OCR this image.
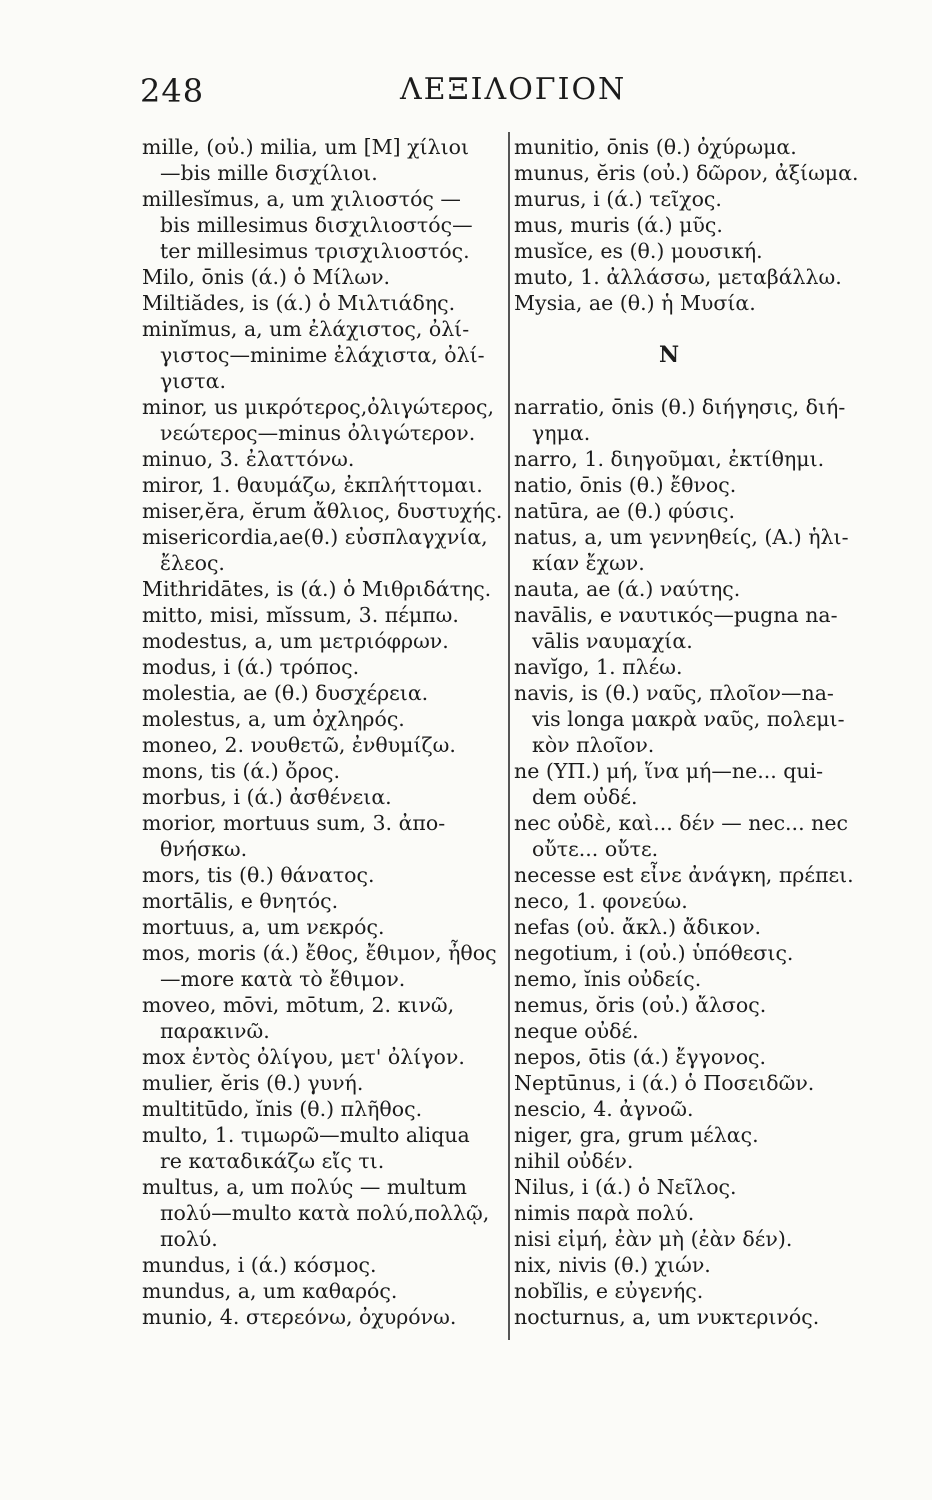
248	ΛΕΞΙΛΟΓΙΟΝ
mille, (οὐ.) milia, um [M] χίλιοι
—bis mille δισχίλιοι.
millesĭmus, a, um χιλιοστός —
bis millesimus δισχιλιοστός—
ter millesimus τρισχιλιοστός.
Milo, ōnis (ά.) ὁ Μίλων.
Miltiădes, is (ά.) ὁ Μιλτιάδης.
minĭmus, a, um ἐλάχιστος, ὀλί-
γιστος—minime ἐλάχιστα, ὀλί-
γιστα.
minor, us μικρότερος,ὀλιγώτερος,
νεώτερος—minus ὀλιγώτερον.
minuo, 3. ἐλαττόνω.
miror, 1. θαυμάζω, ἐκπλήττομαι.
miser,ĕra, ĕrum ἄθλιος, δυστυχής.
misericordia,ae(θ.) εὐσπλαγχνία,
ἔλεος.
Mithridātes, is (ά.) ὁ Μιθριδάτης.
mitto, misi, mĭssum, 3. πέμπω.
modestus, a, um μετριόφρων.
modus, i (ά.) τρόπος.
molestia, ae (θ.) δυσχέρεια.
molestus, a, um ὀχληρός.
moneo, 2. νουθετῶ, ἐνθυμίζω.
mons, tis (ά.) ὄρος.
morbus, i (ά.) ἀσθένεια.
morior, mortuus sum, 3. ἀπο-
θνήσκω.
mors, tis (θ.) θάνατος.
mortālis, e θνητός.
mortuus, a, um νεκρός.
mos, moris (ά.) ἔθος, ἔθιμον, ἦθος
—more κατὰ τὸ ἔθιμον.
moveo, mōvi, mōtum, 2. κινῶ,
παρακινῶ.
mox ἐντὸς ὀλίγου, μετ' ὀλίγον.
mulier, ĕris (θ.) γυνή.
multitūdo, ĭnis (θ.) πλῆθος.
multo, 1. τιμωρῶ—multo aliqua
re καταδικάζω εἴς τι.
multus, a, um πολύς — multum
πολύ—multo κατὰ πολύ,πολλῷ,
πολύ.
mundus, i (ά.) κόσμος.
mundus, a, um καθαρός.
munio, 4. στερεόνω, ὀχυρόνω.
munitio, ōnis (θ.) ὀχύρωμα.
munus, ĕris (οὐ.) δῶρον, ἀξίωμα.
murus, i (ά.) τεῖχος.
mus, muris (ά.) μῦς.
musĭce, es (θ.) μουσική.
muto, 1. ἀλλάσσω, μεταβάλλω.
Mysia, ae (θ.) ἡ Μυσία.
N
narratio, ōnis (θ.) διήγησις, διή-
γημα.
narro, 1. διηγοῦμαι, ἐκτίθημι.
natio, ōnis (θ.) ἔθνος.
natūra, ae (θ.) φύσις.
natus, a, um γεννηθείς, (Α.) ἡλι-
κίαν ἔχων.
nauta, ae (ά.) ναύτης.
navālis, e ναυτικός—pugna na-
vālis ναυμαχία.
navĭgo, 1. πλέω.
navis, is (θ.) ναῦς, πλοῖον—na-
vis longa μακρὰ ναῦς, πολεμι-
κὸν πλοῖον.
ne (ΥΠ.) μή, ἵνα μή—ne... qui-
dem οὐδέ.
nec οὐδὲ, καὶ... δέν — nec... nec
οὔτε... οὔτε.
necesse est εἶνε ἀνάγκη, πρέπει.
neco, 1. φονεύω.
nefas (οὐ. ἄκλ.) ἄδικον.
negotium, i (οὐ.) ὑπόθεσις.
nemo, ĭnis οὐδείς.
nemus, ŏris (οὐ.) ἄλσος.
neque οὐδέ.
nepos, ōtis (ά.) ἔγγονος.
Neptūnus, i (ά.) ὁ Ποσειδῶν.
nescio, 4. ἀγνοῶ.
niger, gra, grum μέλας.
nihil οὐδέν.
Nilus, i (ά.) ὁ Νεῖλος.
nimis παρὰ πολύ.
nisi εἰμή, ἐὰν μὴ (ἐὰν δέν).
nix, nivis (θ.) χιών.
nobĭlis, e εὐγενής.
nocturnus, a, um νυκτερινός.
